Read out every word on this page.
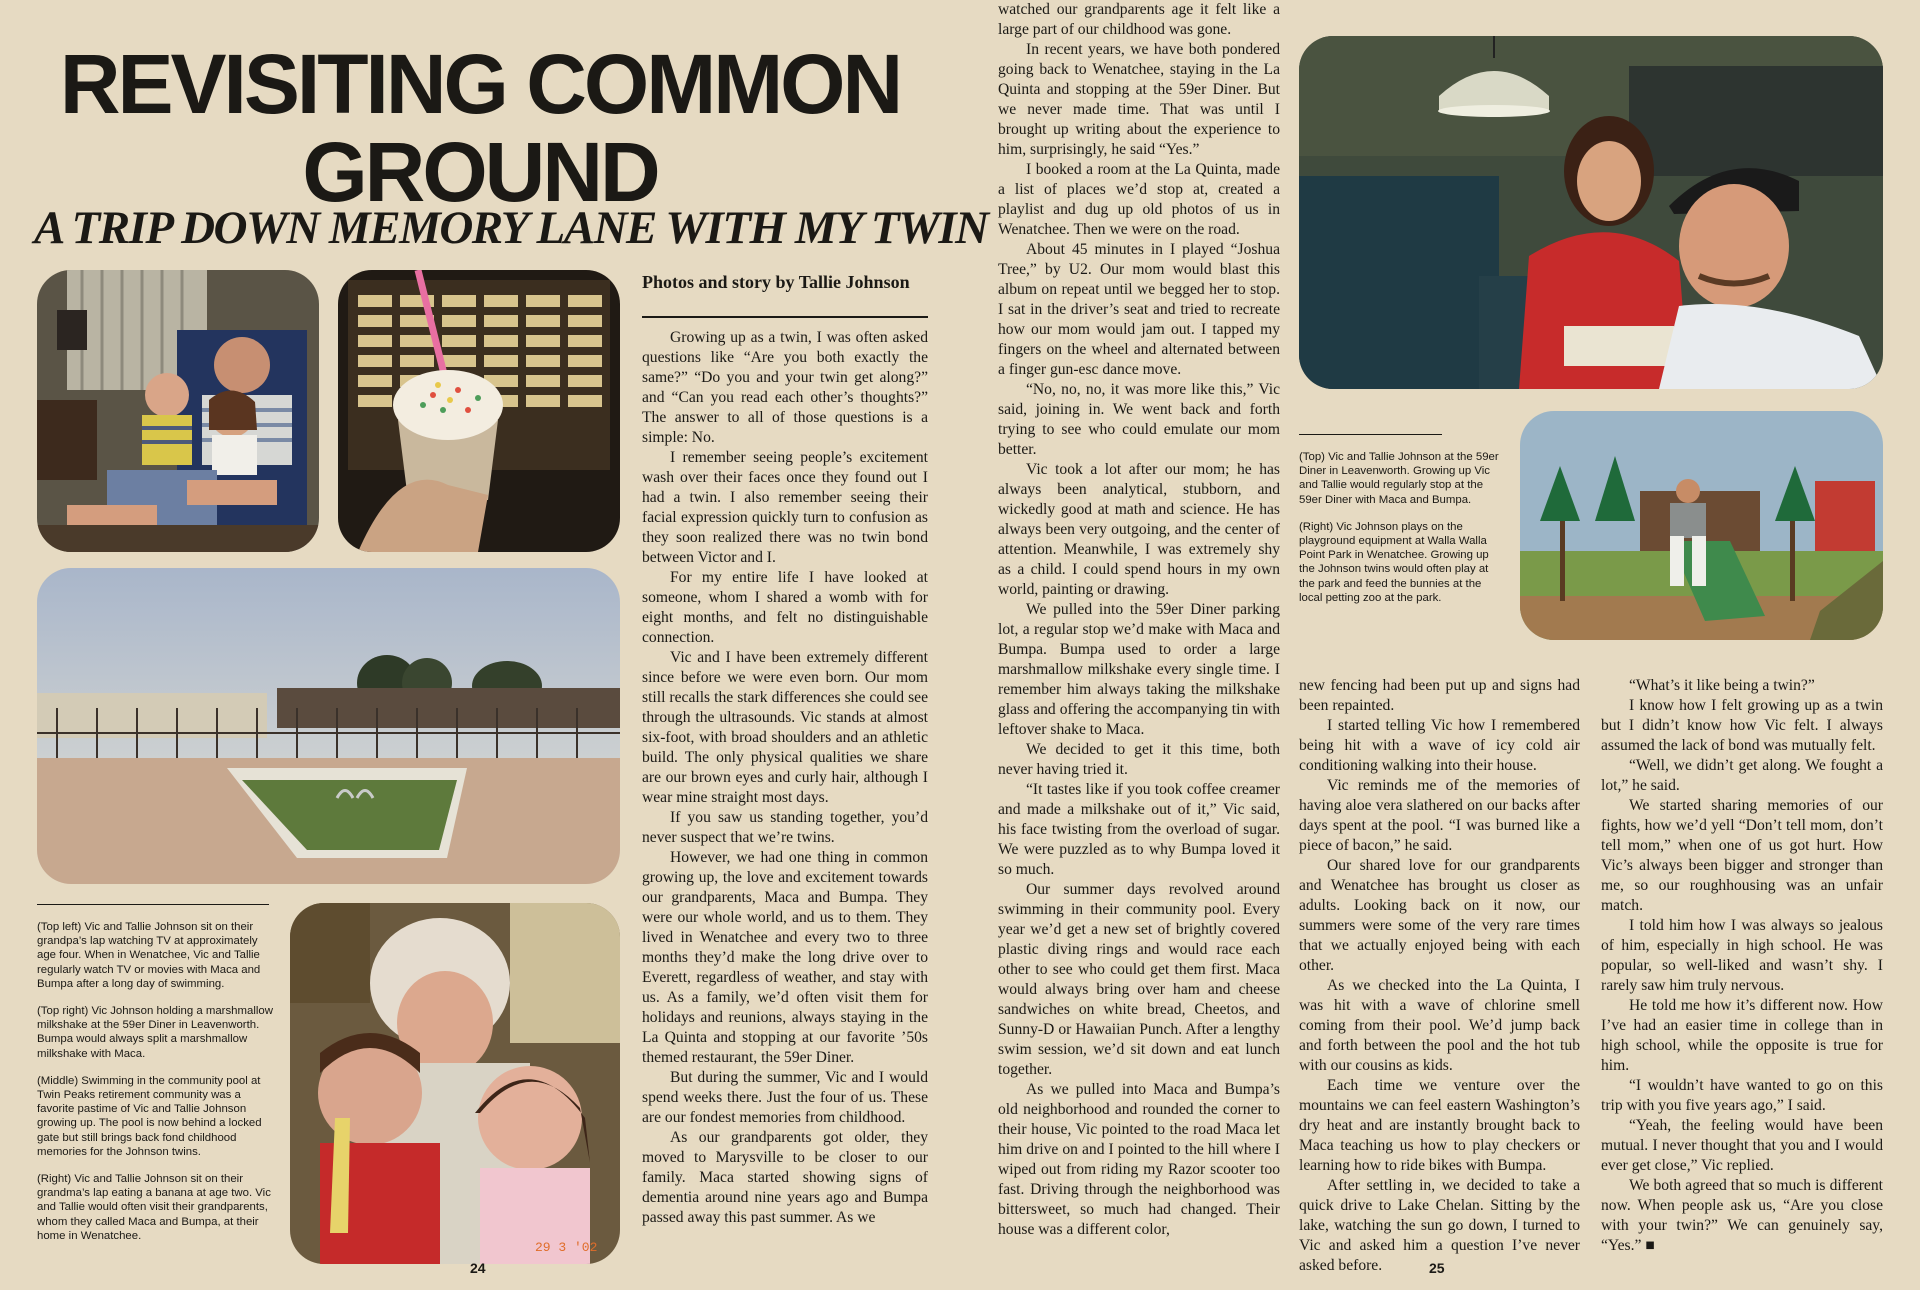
REVISITING COMMON GROUND
A TRIP DOWN MEMORY LANE WITH MY TWIN
Photos and story by Tallie Johnson
29 3 '02

Growing up as a twin, I was often asked questions like “Are you both exactly the same?” “Do you and your twin get along?” and “Can you read each other’s thoughts?” The answer to all of those questions is a simple: No.

I remember seeing people’s excitement wash over their faces once they found out I had a twin. I also remember seeing their facial expression quickly turn to confusion as they soon realized there was no twin bond between Victor and I.

For my entire life I have looked at someone, whom I shared a womb with for eight months, and felt no distinguishable connection.

Vic and I have been extremely different since before we were even born. Our mom still recalls the stark differences she could see through the ultrasounds. Vic stands at almost six-foot, with broad shoulders and an athletic build. The only physical qualities we share are our brown eyes and curly hair, although I wear mine straight most days.

If you saw us standing together, you’d never suspect that we’re twins.

However, we had one thing in common growing up, the love and excitement towards our grandparents, Maca and Bumpa. They were our whole world, and us to them. They lived in Wenatchee and every two to three months they’d make the long drive over to Everett, regardless of weather, and stay with us. As a family, we’d often visit them for holidays and reunions, always staying in the La Quinta and stopping at our favorite ’50s themed restaurant, the 59er Diner.

But during the summer, Vic and I would spend weeks there. Just the four of us. These are our fondest memories from childhood.

As our grandparents got older, they moved to Marysville to be closer to our family. Maca started showing signs of dementia around nine years ago and Bumpa passed away this past summer. As we

watched our grandparents age it felt like a large part of our childhood was gone.

In recent years, we have both pondered going back to Wenatchee, staying in the La Quinta and stopping at the 59er Diner. But we never made time. That was until I brought up writing about the experience to him, surprisingly, he said “Yes.”

I booked a room at the La Quinta, made a list of places we’d stop at, created a playlist and dug up old photos of us in Wenatchee. Then we were on the road.

About 45 minutes in I played “Joshua Tree,” by U2. Our mom would blast this album on repeat until we begged her to stop. I sat in the driver’s seat and tried to recreate how our mom would jam out. I tapped my fingers on the wheel and alternated between a finger gun-esc dance move.

“No, no, no, it was more like this,” Vic said, joining in. We went back and forth trying to see who could emulate our mom better.

Vic took a lot after our mom; he has always been analytical, stubborn, and wickedly good at math and science. He has always been very outgoing, and the center of attention. Meanwhile, I was extremely shy as a child. I could spend hours in my own world, painting or drawing.

We pulled into the 59er Diner parking lot, a regular stop we’d make with Maca and Bumpa. Bumpa used to order a large marshmallow milkshake every single time. I remember him always taking the milkshake glass and offering the accompanying tin with leftover shake to Maca.

We decided to get it this time, both never having tried it.

“It tastes like if you took coffee creamer and made a milkshake out of it,” Vic said, his face twisting from the overload of sugar. We were puzzled as to why Bumpa loved it so much.

Our summer days revolved around swimming in their community pool. Every year we’d get a new set of brightly covered plastic diving rings and would race each other to see who could get them first. Maca would always bring over ham and cheese sandwiches on white bread, Cheetos, and Sunny-D or Hawaiian Punch. After a lengthy swim session, we’d sit down and eat lunch together.

As we pulled into Maca and Bumpa’s old neighborhood and rounded the corner to their house, Vic pointed to the road Maca let him drive on and I pointed to the hill where I wiped out from riding my Razor scooter too fast. Driving through the neighborhood was bittersweet, so much had changed. Their house was a different color,

new fencing had been put up and signs had been repainted.

I started telling Vic how I remembered being hit with a wave of icy cold air conditioning walking into their house.

Vic reminds me of the memories of having aloe vera slathered on our backs after days spent at the pool. “I was burned like a piece of bacon,” he said.

Our shared love for our grandparents and Wenatchee has brought us closer as adults. Looking back on it now, our summers were some of the very rare times that we actually enjoyed being with each other.

As we checked into the La Quinta, I was hit with a wave of chlorine smell coming from their pool. We’d jump back and forth between the pool and the hot tub with our cousins as kids.

Each time we venture over the mountains we can feel eastern Washington’s dry heat and are instantly brought back to Maca teaching us how to play checkers or learning how to ride bikes with Bumpa.

After settling in, we decided to take a quick drive to Lake Chelan. Sitting by the lake, watching the sun go down, I turned to Vic and asked him a question I’ve never asked before.

“What’s it like being a twin?”

I know how I felt growing up as a twin but I didn’t know how Vic felt. I always assumed the lack of bond was mutually felt.

“Well, we didn’t get along. We fought a lot,” he said.

We started sharing memories of our fights, how we’d yell “Don’t tell mom, don’t tell mom,” when one of us got hurt. How Vic’s always been bigger and stronger than me, so our roughhousing was an unfair match.

I told him how I was always so jealous of him, especially in high school. He was popular, so well-liked and wasn’t shy. I rarely saw him truly nervous.

He told me how it’s different now. How I’ve had an easier time in college than in high school, while the opposite is true for him.

“I wouldn’t have wanted to go on this trip with you five years ago,” I said.

“Yeah, the feeling would have been mutual. I never thought that you and I would ever get close,” Vic replied.

We both agreed that so much is different now. When people ask us, “Are you close with your twin?” We can genuinely say, “Yes.” ■

(Top left) Vic and Tallie Johnson sit on their grandpa’s lap watching TV at approximately age four. When in Wenatchee, Vic and Tallie regularly watch TV or movies with Maca and Bumpa after a long day of swimming.

(Top right) Vic Johnson holding a marshmallow milkshake at the 59er Diner in Leavenworth. Bumpa would always split a marshmallow milkshake with Maca.

(Middle) Swimming in the community pool at Twin Peaks retirement community was a favorite pastime of Vic and Tallie Johnson growing up. The pool is now behind a locked gate but still brings back fond childhood memories for the Johnson twins.

(Right) Vic and Tallie Johnson sit on their grandma’s lap eating a banana at age two. Vic and Tallie would often visit their grandparents, whom they called Maca and Bumpa, at their home in Wenatchee.

(Top) Vic and Tallie Johnson at the 59er Diner in Leavenworth. Growing up Vic and Tallie would regularly stop at the 59er Diner with Maca and Bumpa.

(Right) Vic Johnson plays on the playground equipment at Walla Walla Point Park in Wenatchee. Growing up the Johnson twins would often play at the park and feed the bunnies at the local petting zoo at the park.

24	25
